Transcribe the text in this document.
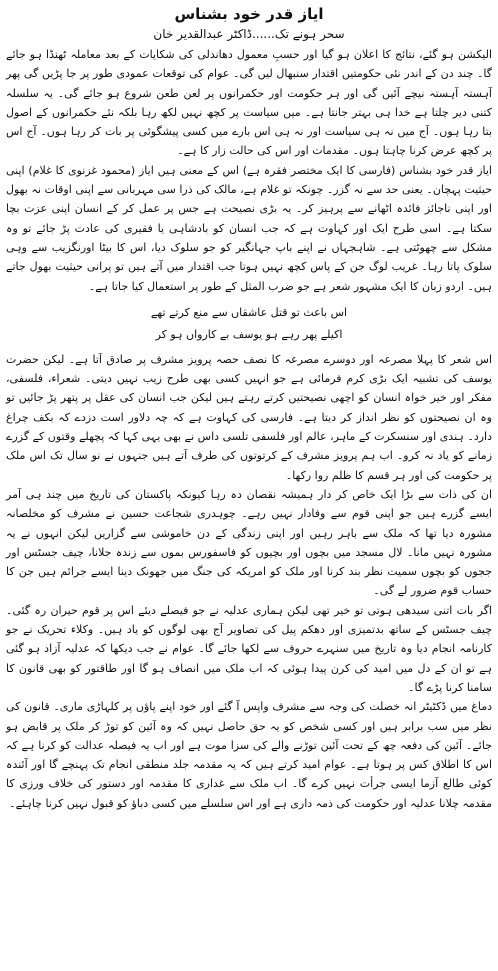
ایاز قدر خود بشناس
سحر ہونے تک......ڈاکٹر عبدالقدیر خان

الیکشن ہو گئے، نتائج کا اعلان ہو گیا اور حسبِ معمول دھاندلی کی شکایات کے بعد معاملہ ٹھنڈا ہو جائے گا۔ چند دن کے اندر نئی حکومتیں اقتدار سنبھال لیں گی۔ عوام کی توقعات عمودی طور پر جا پڑیں گی پھر آہستہ آہستہ نیچے آئیں گی اور ہر حکومت اور حکمرانوں پر لعن طعن شروع ہو جائے گی۔ یہ سلسلہ کتنی دیر چلتا ہے خدا ہی بہتر جانتا ہے۔ میں سیاست پر کچھ نہیں لکھ رہا بلکہ نئے حکمرانوں کے اصول بتا رہا ہوں۔ آج میں نہ ہی سیاست اور نہ ہی اس بارے میں کسی پیشگوئی پر بات کر رہا ہوں۔ آج اس پر کچھ عرض کرنا چاہتا ہوں۔ مقدمات اور اس کی حالت زار کا ہے۔

ایاز قدر خود بشناس (فارسی کا ایک مختصر فقرہ ہے) اس کے معنی ہیں ایاز (محمود غزنوی کا غلام) اپنی حیثیت پہچان۔ یعنی حد سے نہ گزر۔ چونکہ تو غلام ہے، مالک کی ذرا سی مہربانی سے اپنی اوقات نہ بھول اور اپنی ناجائز فائدہ اٹھانے سے پرہیز کر۔ یہ بڑی نصیحت ہے جس پر عمل کر کے انسان اپنی عزت بچا سکتا ہے۔ اسی طرح ایک اور کہاوت ہے کہ جب انسان کو بادشاہی یا فقیری کی عادت پڑ جائے تو وہ مشکل سے چھوٹتی ہے۔ شاہجہاں نے اپنے باپ جہانگیر کو جو سلوک دیا، اس کا بیٹا اورنگزیب سے وہی سلوک پاتا رہا۔ غریب لوگ جن کے پاس کچھ نہیں ہوتا جب اقتدار میں آتے ہیں تو پرانی حیثیت بھول جاتے ہیں۔ اردو زبان کا ایک مشہور شعر ہے جو ضرب المثل کے طور پر استعمال کیا جاتا ہے۔

اس باعث تو قتل عاشقاں سے منع کرتے تھے
اکیلے پھر رہے ہو یوسف بے کارواں ہو کر

اس شعر کا پہلا مصرعہ اور دوسرے مصرعہ کا نصف حصہ پرویز مشرف پر صادق آتا ہے۔ لیکن حضرت یوسف کی تشبیہ ایک بڑی کرم فرمائی ہے جو انہیں کسی بھی طرح زیب نہیں دیتی۔ شعراء، فلسفی، مفکر اور خیر خواہ انسان کو اچھی نصیحتیں کرتے رہتے ہیں لیکن جب انسان کی عقل پر پتھر پڑ جائیں تو وہ ان نصیحتوں کو نظر انداز کر دیتا ہے۔ فارسی کی کہاوت ہے کہ چہ دلاور است دزدے کہ بکف چراغ دارد۔ ہندی اور سنسکرت کے ماہر، عالم اور فلسفی تلسی داس نے بھی یہی کہا کہ پچھلے وقتوں کے گزرے زمانے کو یاد نہ کرو۔ اب ہم پرویز مشرف کے کرتوتوں کی طرف آتے ہیں جنہوں نے نو سال تک اس ملک پر حکومت کی اور ہر قسم کا ظلم روا رکھا۔

ان کی ذات سے بڑا ایک خاص کر دار ہمیشہ نقصان دہ رہا کیونکہ پاکستان کی تاریخ میں چند ہی آمر ایسے گزرے ہیں جو اپنی قوم سے وفادار نہیں رہے۔ چوہدری شجاعت حسین نے مشرف کو مخلصانہ مشورہ دیا تھا کہ ملک سے باہر رہیں اور اپنی زندگی کے دن خاموشی سے گزاریں لیکن انہوں نے یہ مشورہ نہیں مانا۔ لال مسجد میں بچوں اور بچیوں کو فاسفورس بموں سے زندہ جلانا، چیف جسٹس اور ججوں کو بچوں سمیت نظر بند کرنا اور ملک کو امریکہ کی جنگ میں جھونک دینا ایسے جرائم ہیں جن کا حساب قوم ضرور لے گی۔

اگر بات اتنی سیدھی ہوتی تو خیر تھی لیکن ہماری عدلیہ نے جو فیصلے دیئے اس پر قوم حیران رہ گئی۔ چیف جسٹس کے ساتھ بدتمیزی اور دھکم پیل کی تصاویر آج بھی لوگوں کو یاد ہیں۔ وکلاء تحریک نے جو کارنامہ انجام دیا وہ تاریخ میں سنہرے حروف سے لکھا جائے گا۔ عوام نے جب دیکھا کہ عدلیہ آزاد ہو گئی ہے تو ان کے دل میں امید کی کرن پیدا ہوئی کہ اب ملک میں انصاف ہو گا اور طاقتور کو بھی قانون کا سامنا کرنا پڑے گا۔

دماغ میں ڈکٹیٹر انہ خصلت کی وجہ سے مشرف واپس آ گئے اور خود اپنے پاؤں پر کلہاڑی ماری۔ قانون کی نظر میں سب برابر ہیں اور کسی شخص کو یہ حق حاصل نہیں کہ وہ آئین کو توڑ کر ملک پر قابض ہو جائے۔ آئین کی دفعہ چھ کے تحت آئین توڑنے والے کی سزا موت ہے اور اب یہ فیصلہ عدالت کو کرنا ہے کہ اس کا اطلاق کس پر ہوتا ہے۔ عوام امید کرتے ہیں کہ یہ مقدمہ جلد منطقی انجام تک پہنچے گا اور آئندہ کوئی طالع آزما ایسی جرأت نہیں کرے گا۔ اب ملک سے غداری کا مقدمہ اور دستور کی خلاف ورزی کا مقدمہ چلانا عدلیہ اور حکومت کی ذمہ داری ہے اور اس سلسلے میں کسی دباؤ کو قبول نہیں کرنا چاہئے۔
